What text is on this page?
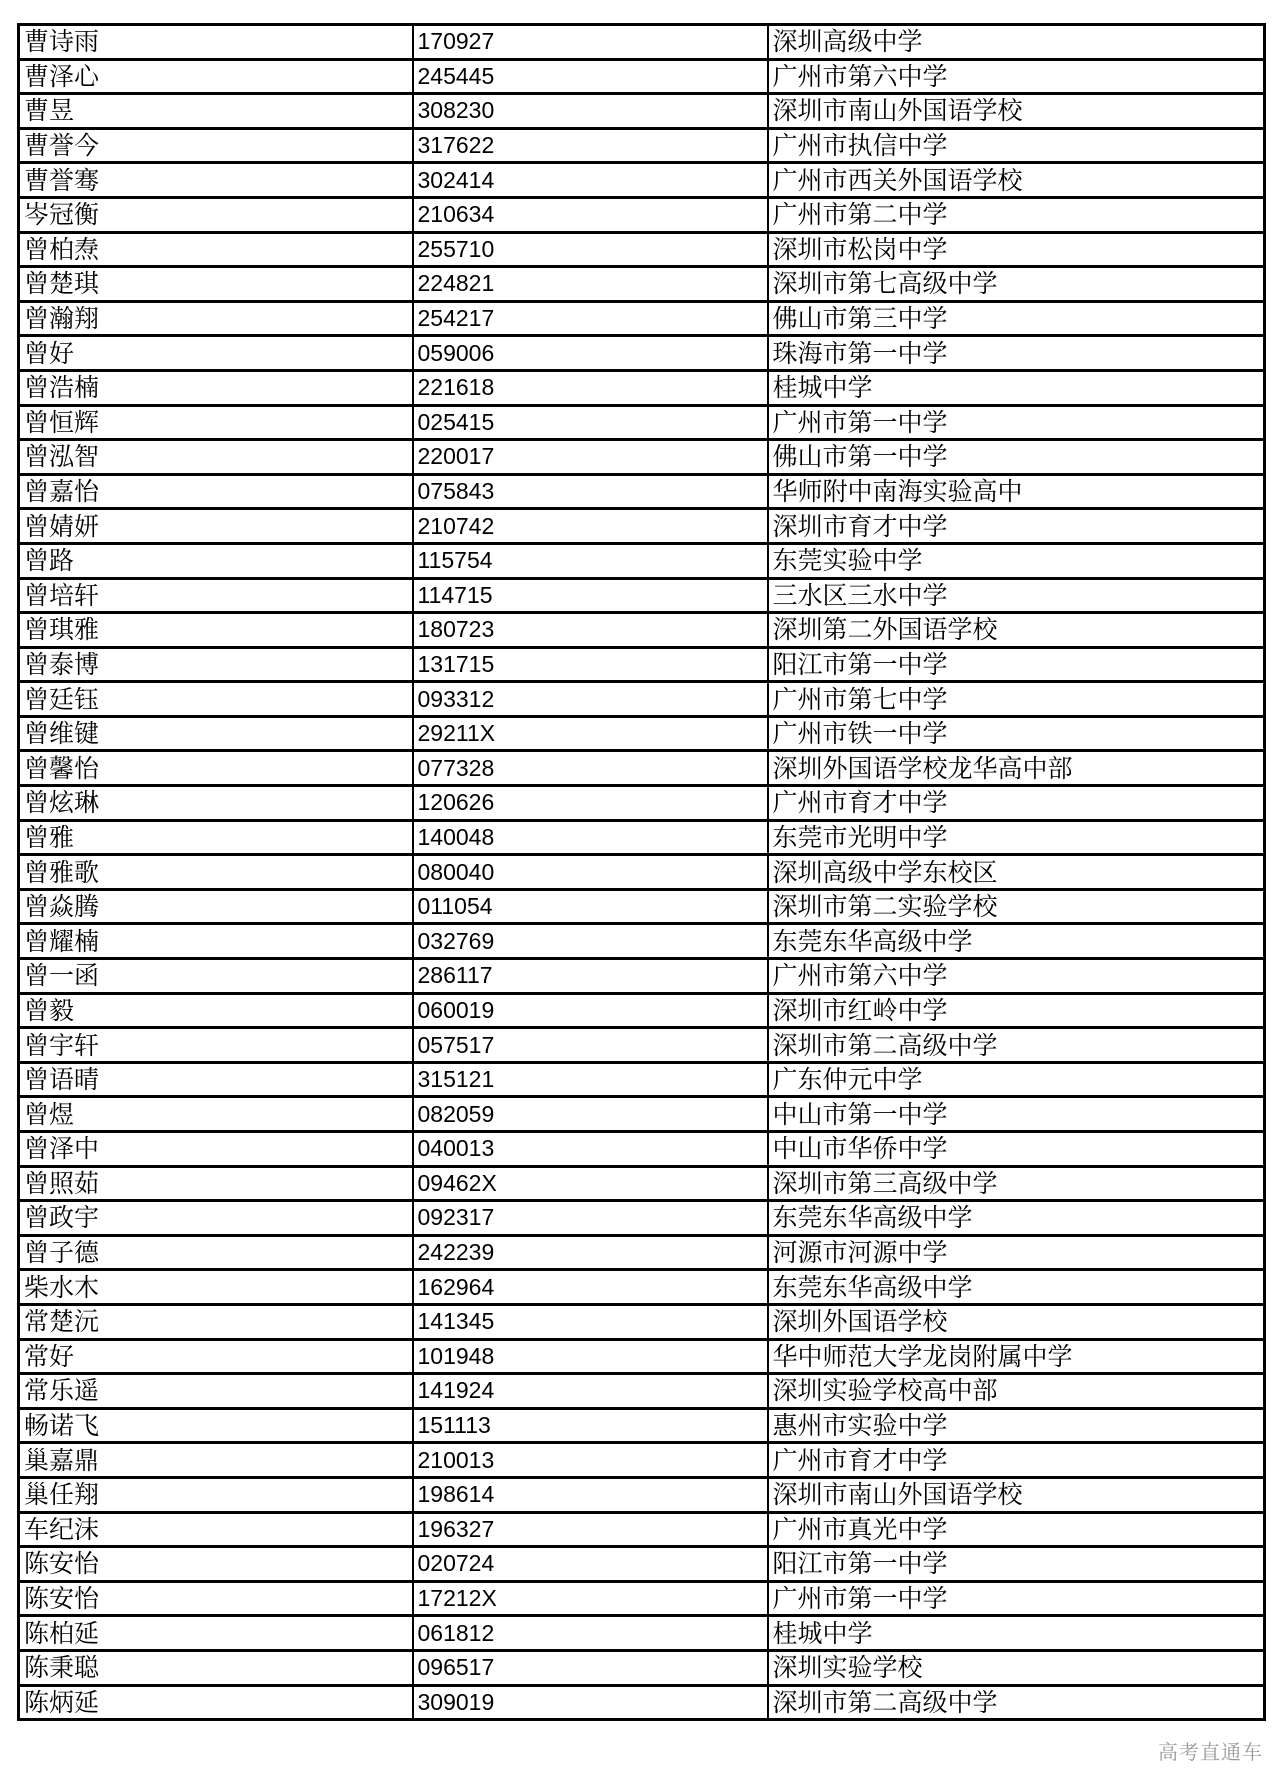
曹诗雨	170927	深圳高级中学
曹泽心	245445	广州市第六中学
曹昱	308230	深圳市南山外国语学校
曹誉今	317622	广州市执信中学
曹誉骞	302414	广州市西关外国语学校
岑冠衡	210634	广州市第二中学
曾柏焘	255710	深圳市松岗中学
曾楚琪	224821	深圳市第七高级中学
曾瀚翔	254217	佛山市第三中学
曾好	059006	珠海市第一中学
曾浩楠	221618	桂城中学
曾恒辉	025415	广州市第一中学
曾泓智	220017	佛山市第一中学
曾嘉怡	075843	华师附中南海实验高中
曾婧妍	210742	深圳市育才中学
曾路	115754	东莞实验中学
曾培轩	114715	三水区三水中学
曾琪雅	180723	深圳第二外国语学校
曾泰博	131715	阳江市第一中学
曾廷钰	093312	广州市第七中学
曾维键	29211X	广州市铁一中学
曾馨怡	077328	深圳外国语学校龙华高中部
曾炫琳	120626	广州市育才中学
曾雅	140048	东莞市光明中学
曾雅歌	080040	深圳高级中学东校区
曾焱腾	011054	深圳市第二实验学校
曾耀楠	032769	东莞东华高级中学
曾一函	286117	广州市第六中学
曾毅	060019	深圳市红岭中学
曾宇轩	057517	深圳市第二高级中学
曾语晴	315121	广东仲元中学
曾煜	082059	中山市第一中学
曾泽中	040013	中山市华侨中学
曾照茹	09462X	深圳市第三高级中学
曾政宇	092317	东莞东华高级中学
曾子德	242239	河源市河源中学
柴水木	162964	东莞东华高级中学
常楚沅	141345	深圳外国语学校
常好	101948	华中师范大学龙岗附属中学
常乐遥	141924	深圳实验学校高中部
畅诺飞	151113	惠州市实验中学
巢嘉鼎	210013	广州市育才中学
巢任翔	198614	深圳市南山外国语学校
车纪沫	196327	广州市真光中学
陈安怡	020724	阳江市第一中学
陈安怡	17212X	广州市第一中学
陈柏延	061812	桂城中学
陈秉聪	096517	深圳实验学校
陈炳延	309019	深圳市第二高级中学
高考直通车
